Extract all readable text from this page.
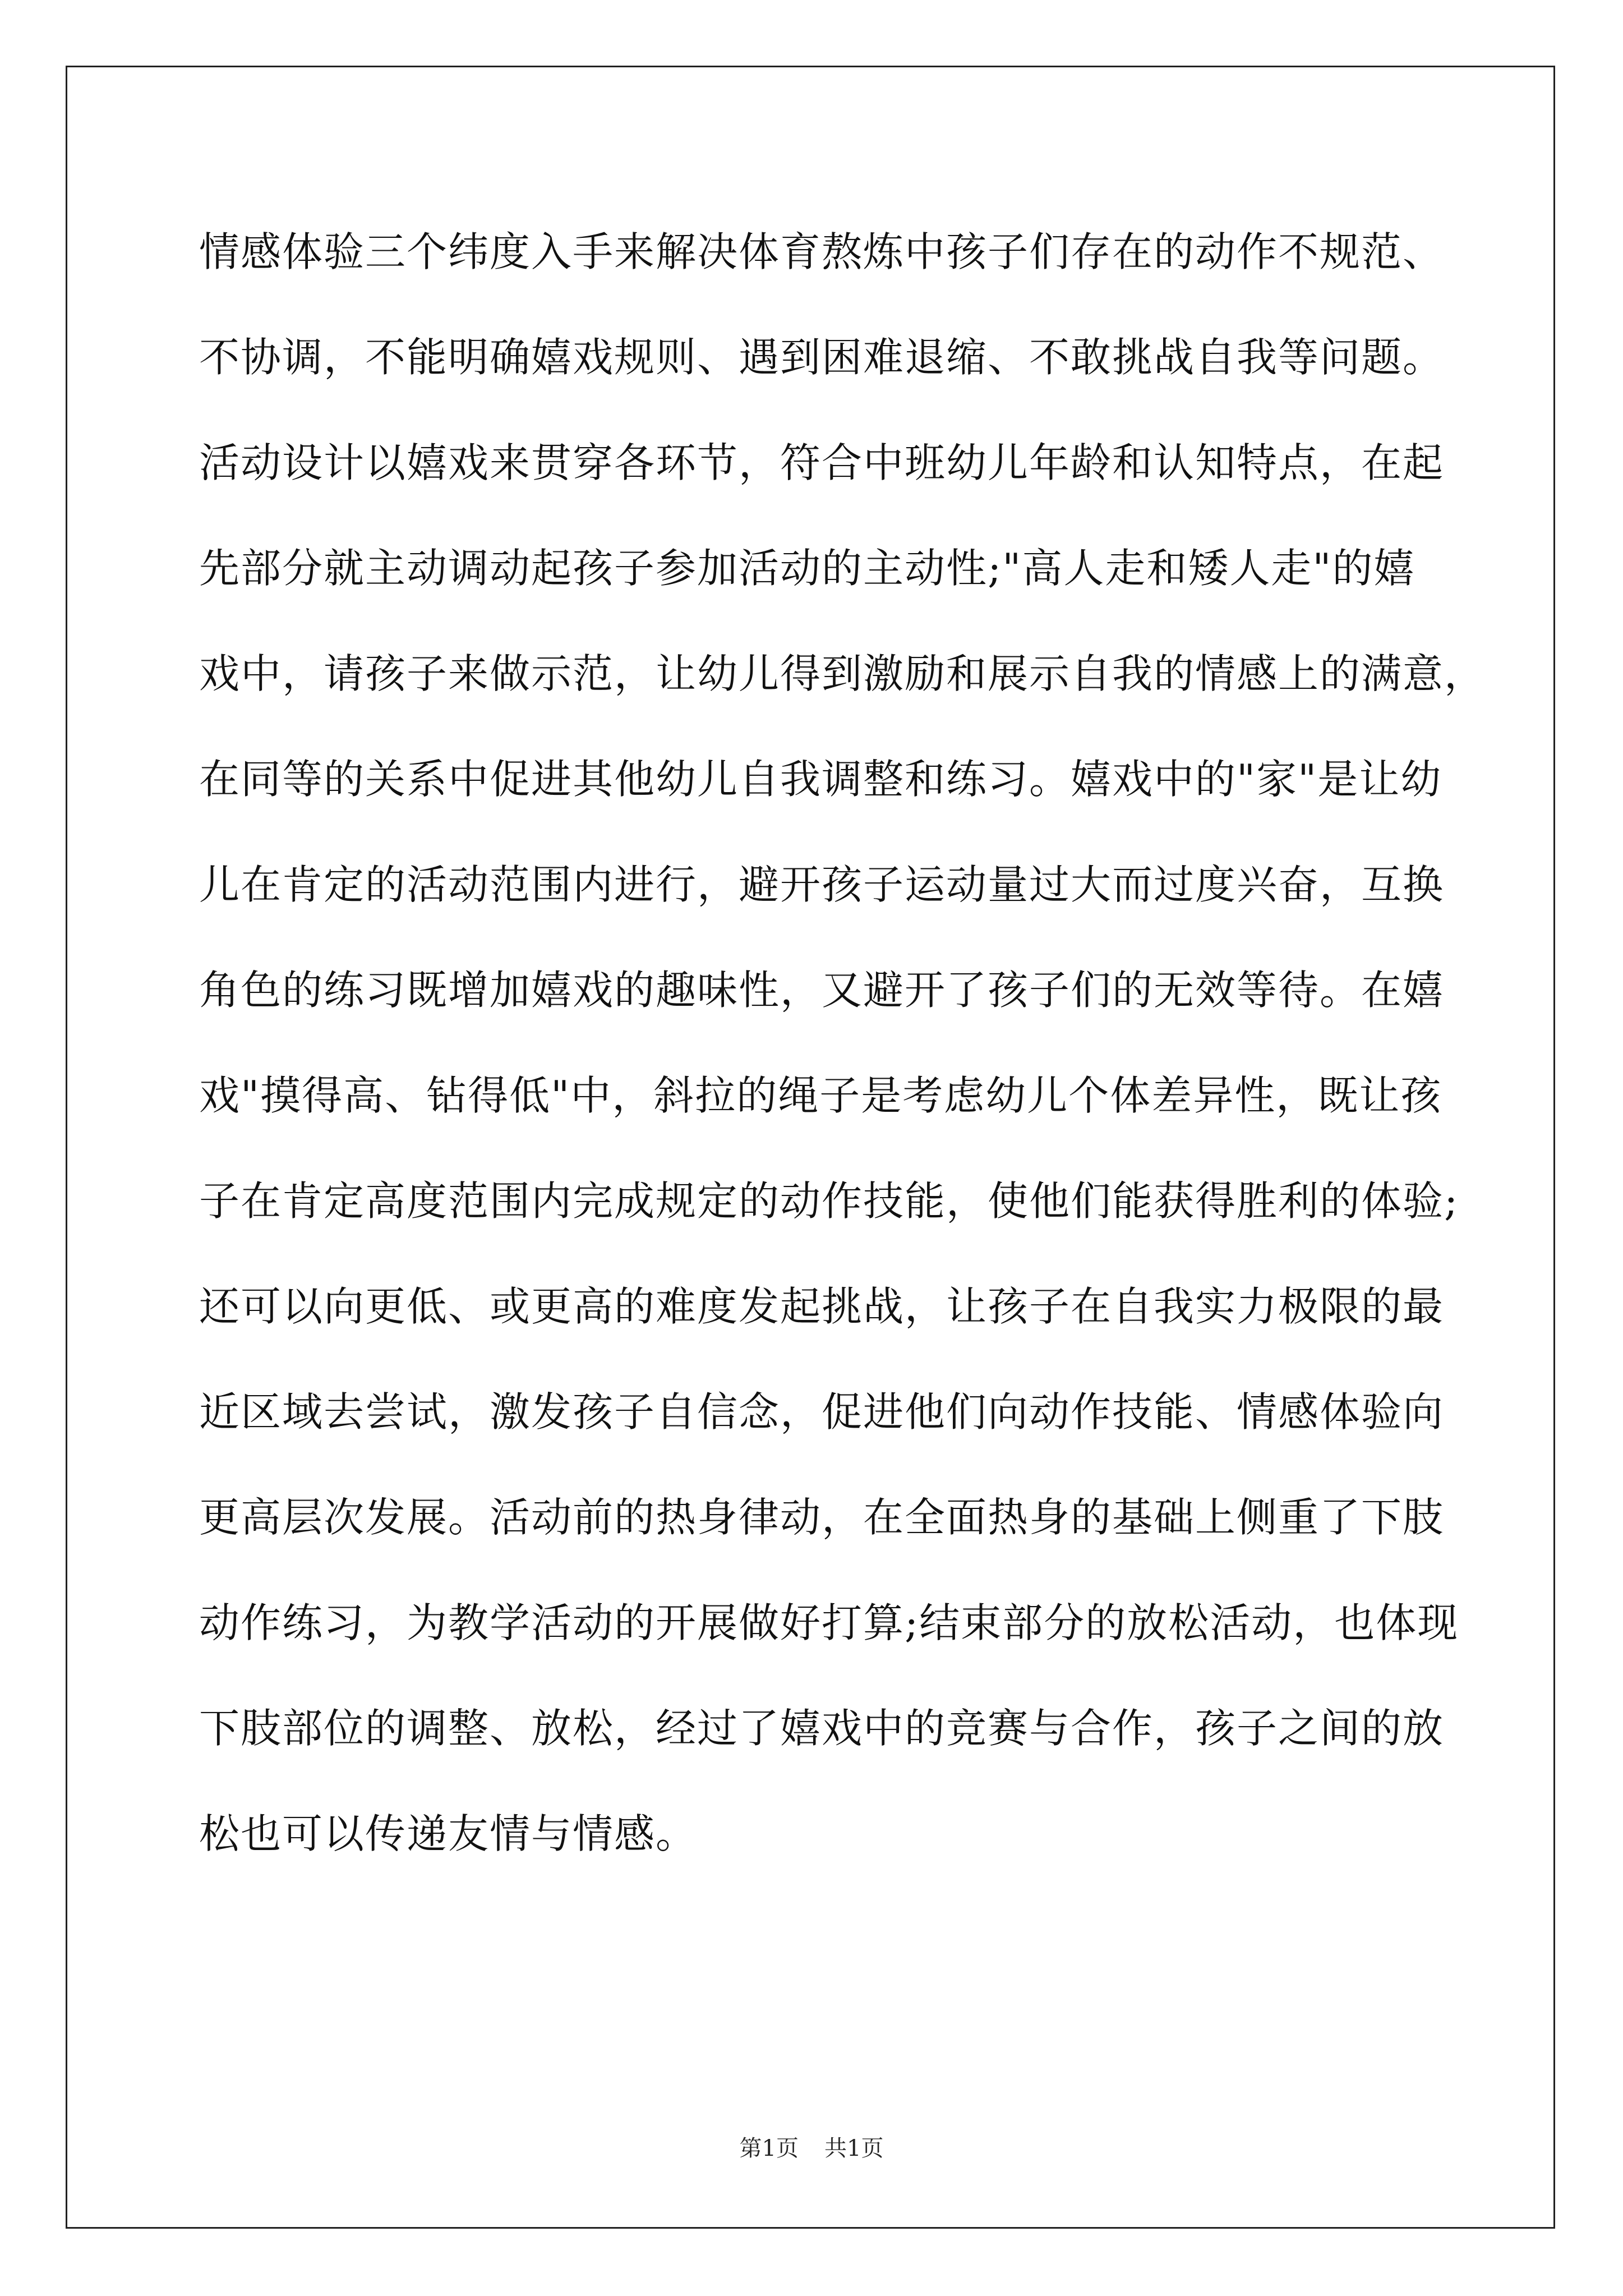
情感体验三个纬度入手来解决体育熬炼中孩子们存在的动作不规范、
不协调，不能明确嬉戏规则、遇到困难退缩、不敢挑战自我等问题。
活动设计以嬉戏来贯穿各环节，符合中班幼儿年龄和认知特点，在起
先部分就主动调动起孩子参加活动的主动性;"高人走和矮人走"的嬉
戏中，请孩子来做示范，让幼儿得到激励和展示自我的情感上的满意，
在同等的关系中促进其他幼儿自我调整和练习。嬉戏中的"家"是让幼
儿在肯定的活动范围内进行，避开孩子运动量过大而过度兴奋，互换
角色的练习既增加嬉戏的趣味性，又避开了孩子们的无效等待。在嬉
戏"摸得高、钻得低"中，斜拉的绳子是考虑幼儿个体差异性，既让孩
子在肯定高度范围内完成规定的动作技能，使他们能获得胜利的体验;
还可以向更低、或更高的难度发起挑战，让孩子在自我实力极限的最
近区域去尝试，激发孩子自信念，促进他们向动作技能、情感体验向
更高层次发展。活动前的热身律动，在全面热身的基础上侧重了下肢
动作练习，为教学活动的开展做好打算;结束部分的放松活动，也体现
下肢部位的调整、放松，经过了嬉戏中的竞赛与合作，孩子之间的放
松也可以传递友情与情感。
第1页 共1页
